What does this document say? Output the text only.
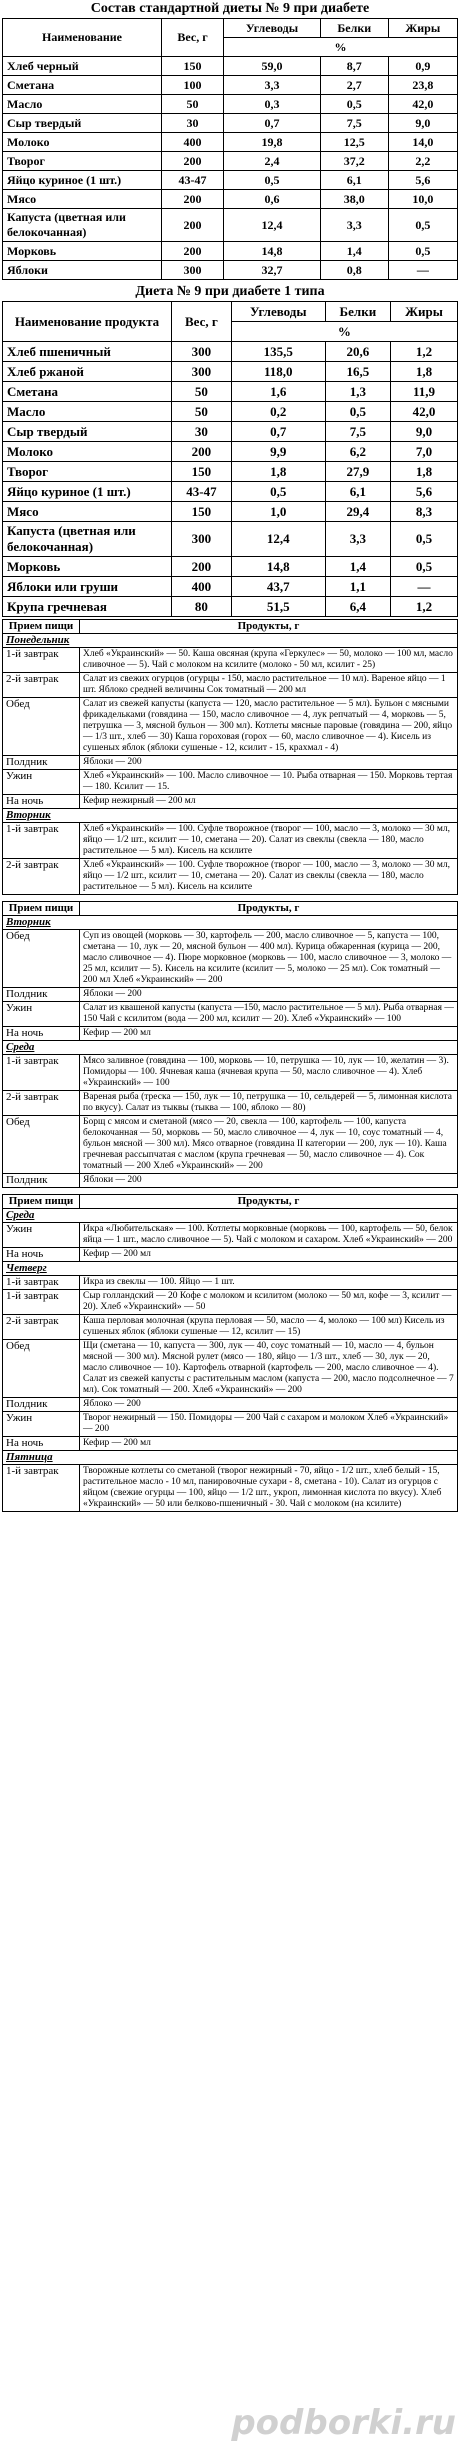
Состав стандартной диеты № 9 при диабете
Наименование	Вес, г	Углеводы	Белки	Жиры
		%		
Хлеб черный	150	59,0	8,7	0,9
Сметана	100	3,3	2,7	23,8
Масло	50	0,3	0,5	42,0
Сыр твердый	30	0,7	7,5	9,0
Молоко	400	19,8	12,5	14,0
Творог	200	2,4	37,2	2,2
Яйцо куриное (1 шт.)	43-47	0,5	6,1	5,6
Мясо	200	0,6	38,0	10,0
Капуста (цветная или белокочанная)	200	12,4	3,3	0,5
Морковь	200	14,8	1,4	0,5
Яблоки	300	32,7	0,8	—
Диета № 9 при диабете 1 типа
Наименование продукта	Вес, г	Углеводы	Белки	Жиры
		%		
Хлеб пшеничный	300	135,5	20,6	1,2
Хлеб ржаной	300	118,0	16,5	1,8
Сметана	50	1,6	1,3	11,9
Масло	50	0,2	0,5	42,0
Сыр твердый	30	0,7	7,5	9,0
Молоко	200	9,9	6,2	7,0
Творог	150	1,8	27,9	1,8
Яйцо куриное (1 шт.)	43-47	0,5	6,1	5,6
Мясо	150	1,0	29,4	8,3
Капуста (цветная или белокочанная)	300	12,4	3,3	0,5
Морковь	200	14,8	1,4	0,5
Яблоки или груши	400	43,7	1,1	—
Крупа гречневая	80	51,5	6,4	1,2
Прием пищи	Продукты, г
Понедельник	
1-й завтрак	Хлеб «Украинский» — 50. Каша овсяная (крупа «Геркулес» — 50, молоко — 100 мл, масло сливочное — 5). Чай с молоком на ксилите (молоко - 50 мл, ксилит - 25)
2-й завтрак	Салат из свежих огурцов (огурцы - 150, масло растительное — 10 мл). Вареное яйцо — 1 шт. Яблоко средней величины Сок томатный — 200 мл
Обед	Салат из свежей капусты (капуста — 120, масло растительное — 5 мл). Бульон с мясными фрикадельками (говядина — 150, масло сливочное — 4, лук репчатый — 4, морковь — 5, петрушка — 3, мясной бульон — 300 мл). Котлеты мясные паровые (говядина — 200, яйцо — 1/3 шт., хлеб — 30) Каша гороховая (горох — 60, масло сливочное — 4). Кисель из сушеных яблок (яблоки сушеные - 12, ксилит - 15, крахмал - 4)
Полдник	Яблоки — 200
Ужин	Хлеб «Украинский» — 100. Масло сливочное — 10. Рыба отварная — 150. Морковь тертая — 180. Ксилит — 15.
На ночь	Кефир нежирный — 200 мл
Вторник	
1-й завтрак	Хлеб «Украинский» — 100. Суфле творожное (творог — 100, масло — 3, молоко — 30 мл, яйцо — 1/2 шт., ксилит — 10, сметана — 20). Салат из свеклы (свекла — 180, масло растительное — 5 мл). Кисель на ксилите
2-й завтрак	Хлеб «Украинский» — 100. Суфле творожное (творог — 100, масло — 3, молоко — 30 мл, яйцо — 1/2 шт., ксилит — 10, сметана — 20). Салат из свеклы (свекла — 180, масло растительное — 5 мл). Кисель на ксилите
Прием пищи	Продукты, г
Вторник	
Обед	Суп из овощей (морковь — 30, картофель — 200, масло сливочное — 5, капуста — 100, сметана — 10, лук — 20, мясной бульон — 400 мл). Курица обжаренная (курица — 200, масло сливочное — 4). Пюре морковное (морковь — 100, масло сливочное — 3, молоко — 25 мл, ксилит — 5). Кисель на ксилите (ксилит — 5, молоко — 25 мл). Сок томатный — 200 мл Хлеб «Украинский» — 200
Полдник	Яблоки — 200
Ужин	Салат из квашеной капусты (капуста —150, масло растительное — 5 мл). Рыба отварная —150 Чай с ксилитом (вода — 200 мл, ксилит — 20). Хлеб «Украинский» — 100
На ночь	Кефир — 200 мл
Среда	
1-й завтрак	Мясо заливное (говядина — 100, морковь — 10, петрушка — 10, лук — 10, желатин — 3). Помидоры — 100. Ячневая каша (ячневая крупа — 50, масло сливочное — 4). Хлеб «Украинский» — 100
2-й завтрак	Вареная рыба (треска — 150, лук — 10, петрушка — 10, сельдерей — 5, лимонная кислота по вкусу). Салат из тыквы (тыква — 100, яблоко — 80)
Обед	Борщ с мясом и сметаной (мясо — 20, свекла — 100, картофель — 100, капуста белокочанная — 50, морковь — 50, масло сливочное — 4, лук — 10, соус томатный — 4, бульон мясной — 300 мл). Мясо отварное (говядина II категории — 200, лук — 10). Каша гречневая рассыпчатая с маслом (крупа гречневая — 50, масло сливочное — 4). Сок томатный — 200 Хлеб «Украинский» — 200
Полдник	Яблоки — 200
Прием пищи	Продукты, г
Среда	
Ужин	Икра «Любительская» — 100. Котлеты морковные (морковь — 100, картофель — 50, белок яйца — 1 шт., масло сливочное — 5). Чай с молоком и сахаром. Хлеб «Украинский» — 200
На ночь	Кефир — 200 мл
Четверг	
1-й завтрак	Икра из свеклы — 100. Яйцо — 1 шт.
1-й завтрак	Сыр голландский — 20 Кофе с молоком и ксилитом (молоко — 50 мл, кофе — 3, ксилит — 20). Хлеб «Украинский» — 50
2-й завтрак	Каша перловая молочная (крупа перловая — 50, масло — 4, молоко — 100 мл) Кисель из сушеных яблок (яблоки сушеные — 12, ксилит — 15)
Обед	Щи (сметана — 10, капуста — 300, лук — 40, соус томатный — 10, масло — 4, бульон мясной — 300 мл). Мясной рулет (мясо — 180, яйцо — 1/3 шт., хлеб — 30, лук — 20, масло сливочное — 10). Картофель отварной (картофель — 200, масло сливочное — 4). Салат из свежей капусты с растительным маслом (капуста — 200, масло подсолнечное — 7 мл). Сок томатный — 200. Хлеб «Украинский» — 200
Полдник	Яблоко — 200
Ужин	Творог нежирный — 150. Помидоры — 200 Чай с сахаром и молоком Хлеб «Украинский» — 200
На ночь	Кефир — 200 мл
Пятница	
1-й завтрак	Творожные котлеты со сметаной (творог нежирный - 70, яйцо - 1/2 шт., хлеб белый - 15, растительное масло - 10 мл, панировочные сухари - 8, сметана - 10). Салат из огурцов с яйцом (свежие огурцы — 100, яйцо — 1/2 шт., укроп, лимонная кислота по вкусу). Хлеб «Украинский» — 50 или белково-пшеничный - 30. Чай с молоком (на ксилите)
podborki.ru
